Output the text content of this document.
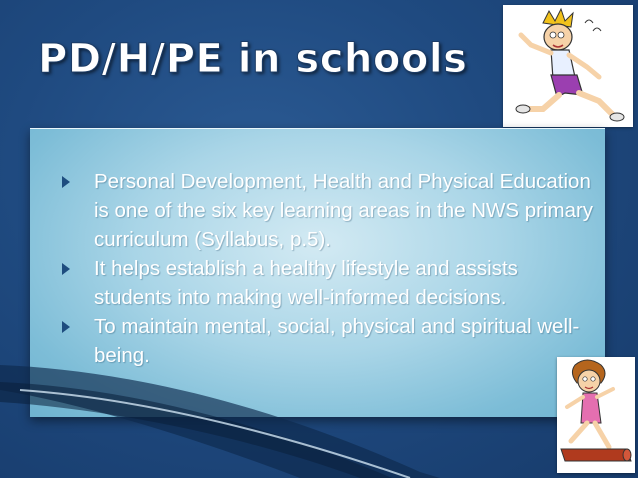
PD/H/PE in schools
Personal Development, Health and Physical Education is one of the six key learning areas in the NWS primary curriculum (Syllabus, p.5).
It helps establish a healthy lifestyle and assists students into making well-informed decisions.
To maintain mental, social, physical and spiritual well-being.
